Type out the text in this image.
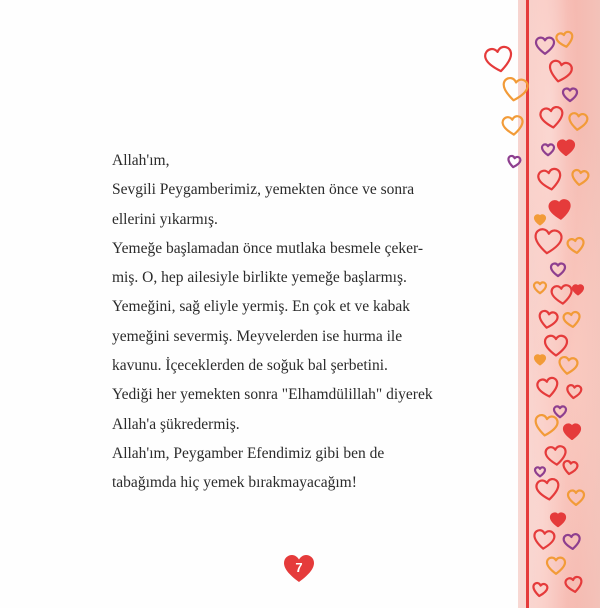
Allah'ım,
Sevgili Peygamberimiz, yemekten önce ve sonra
ellerini yıkarmış.
Yemeğe başlamadan önce mutlaka besmele çeker-
miş. O, hep ailesiyle birlikte yemeğe başlarmış.
Yemeğini, sağ eliyle yermiş. En çok et ve kabak
yemeğini severmiş. Meyvelerden ise hurma ile
kavunu. İçeceklerden de soğuk bal şerbetini.
Yediği her yemekten sonra "Elhamdülillah" diyerek
Allah'a şükredermiş.
Allah'ım, Peygamber Efendimiz gibi ben de
tabağımda hiç yemek bırakmayacağım!
7
